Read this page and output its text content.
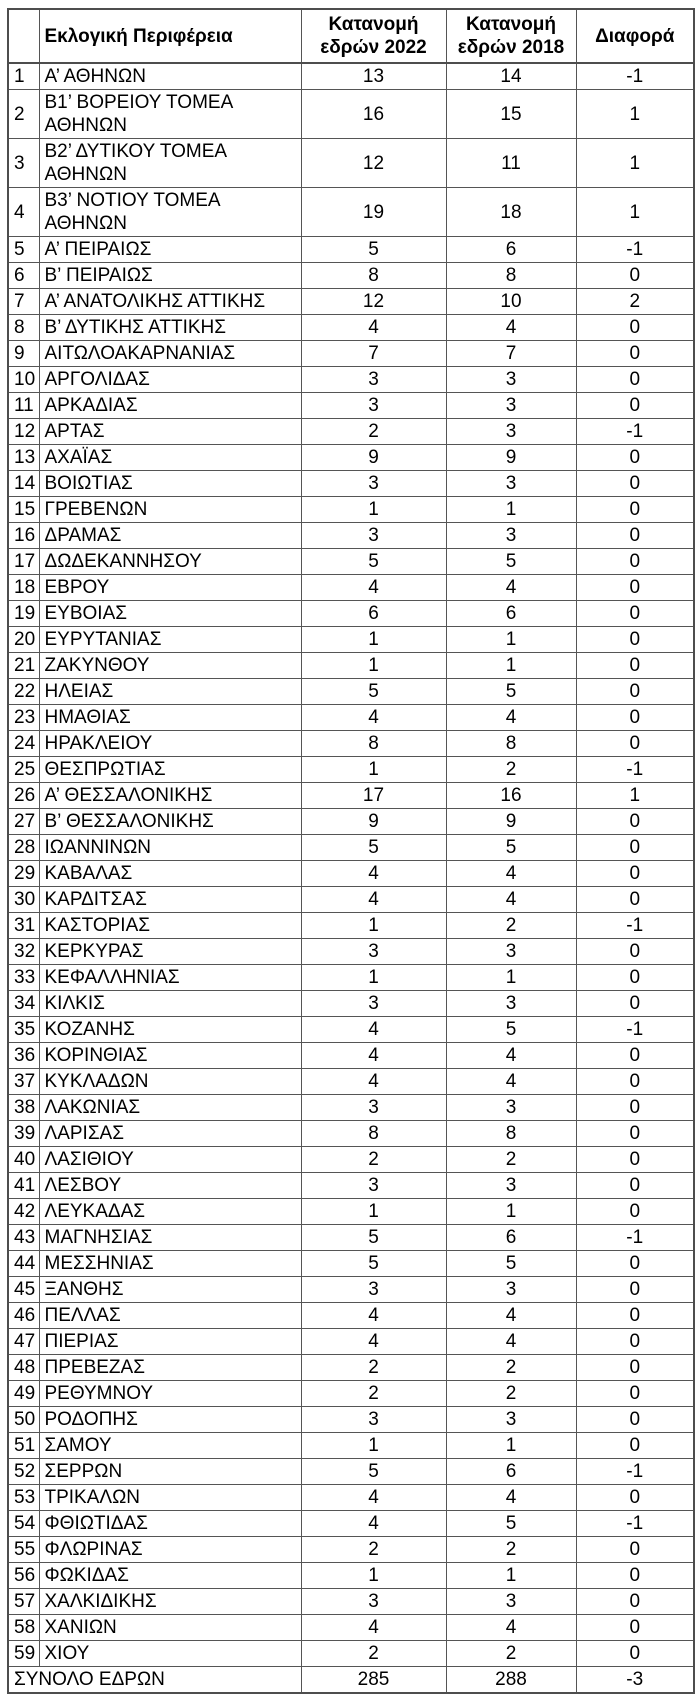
	Εκλογική Περιφέρεια	Κατανομή εδρών 2022	Κατανομή εδρών 2018	Διαφορά
1	Α’ ΑΘΗΝΩΝ	13	14	-1
2	Β1’ ΒΟΡΕΙΟΥ ΤΟΜΕΑ ΑΘΗΝΩΝ	16	15	1
3	Β2’ ΔΥΤΙΚΟΥ ΤΟΜΕΑ ΑΘΗΝΩΝ	12	11	1
4	Β3’ ΝΟΤΙΟΥ ΤΟΜΕΑ ΑΘΗΝΩΝ	19	18	1
5	Α’ ΠΕΙΡΑΙΩΣ	5	6	-1
6	Β’ ΠΕΙΡΑΙΩΣ	8	8	0
7	Α’ ΑΝΑΤΟΛΙΚΗΣ ΑΤΤΙΚΗΣ	12	10	2
8	Β’ ΔΥΤΙΚΗΣ ΑΤΤΙΚΗΣ	4	4	0
9	ΑΙΤΩΛΟΑΚΑΡΝΑΝΙΑΣ	7	7	0
10	ΑΡΓΟΛΙΔΑΣ	3	3	0
11	ΑΡΚΑΔΙΑΣ	3	3	0
12	ΑΡΤΑΣ	2	3	-1
13	ΑΧΑΪΑΣ	9	9	0
14	ΒΟΙΩΤΙΑΣ	3	3	0
15	ΓΡΕΒΕΝΩΝ	1	1	0
16	ΔΡΑΜΑΣ	3	3	0
17	ΔΩΔΕΚΑΝΝΗΣΟΥ	5	5	0
18	ΕΒΡΟΥ	4	4	0
19	ΕΥΒΟΙΑΣ	6	6	0
20	ΕΥΡΥΤΑΝΙΑΣ	1	1	0
21	ΖΑΚΥΝΘΟΥ	1	1	0
22	ΗΛΕΙΑΣ	5	5	0
23	ΗΜΑΘΙΑΣ	4	4	0
24	ΗΡΑΚΛΕΙΟΥ	8	8	0
25	ΘΕΣΠΡΩΤΙΑΣ	1	2	-1
26	Α’ ΘΕΣΣΑΛΟΝΙΚΗΣ	17	16	1
27	Β’ ΘΕΣΣΑΛΟΝΙΚΗΣ	9	9	0
28	ΙΩΑΝΝΙΝΩΝ	5	5	0
29	ΚΑΒΑΛΑΣ	4	4	0
30	ΚΑΡΔΙΤΣΑΣ	4	4	0
31	ΚΑΣΤΟΡΙΑΣ	1	2	-1
32	ΚΕΡΚΥΡΑΣ	3	3	0
33	ΚΕΦΑΛΛΗΝΙΑΣ	1	1	0
34	ΚΙΛΚΙΣ	3	3	0
35	ΚΟΖΑΝΗΣ	4	5	-1
36	ΚΟΡΙΝΘΙΑΣ	4	4	0
37	ΚΥΚΛΑΔΩΝ	4	4	0
38	ΛΑΚΩΝΙΑΣ	3	3	0
39	ΛΑΡΙΣΑΣ	8	8	0
40	ΛΑΣΙΘΙΟΥ	2	2	0
41	ΛΕΣΒΟΥ	3	3	0
42	ΛΕΥΚΑΔΑΣ	1	1	0
43	ΜΑΓΝΗΣΙΑΣ	5	6	-1
44	ΜΕΣΣΗΝΙΑΣ	5	5	0
45	ΞΑΝΘΗΣ	3	3	0
46	ΠΕΛΛΑΣ	4	4	0
47	ΠΙΕΡΙΑΣ	4	4	0
48	ΠΡΕΒΕΖΑΣ	2	2	0
49	ΡΕΘΥΜΝΟΥ	2	2	0
50	ΡΟΔΟΠΗΣ	3	3	0
51	ΣΑΜΟΥ	1	1	0
52	ΣΕΡΡΩΝ	5	6	-1
53	ΤΡΙΚΑΛΩΝ	4	4	0
54	ΦΘΙΩΤΙΔΑΣ	4	5	-1
55	ΦΛΩΡΙΝΑΣ	2	2	0
56	ΦΩΚΙΔΑΣ	1	1	0
57	ΧΑΛΚΙΔΙΚΗΣ	3	3	0
58	ΧΑΝΙΩΝ	4	4	0
59	ΧΙΟΥ	2	2	0
ΣΥΝΟΛΟ ΕΔΡΩΝ		285	288	-3
